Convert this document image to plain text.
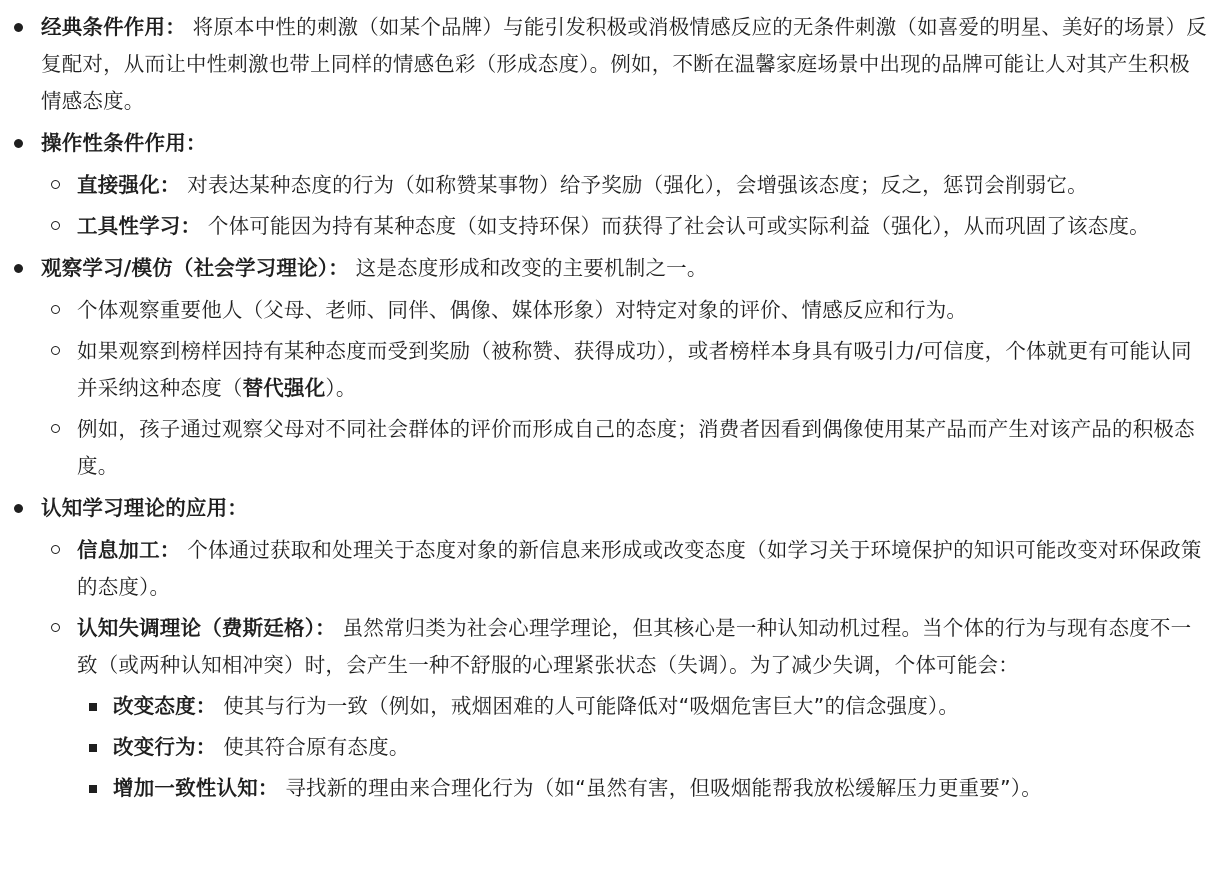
经典条件作用： 将原本中性的刺激（如某个品牌）与能引发积极或消极情感反应的无条件刺激（如喜爱的明星、美好的场景）反复配对，从而让中性刺激也带上同样的情感色彩（形成态度）。例如，不断在温馨家庭场景中出现的品牌可能让人对其产生积极情感态度。
操作性条件作用：
直接强化： 对表达某种态度的行为（如称赞某事物）给予奖励（强化），会增强该态度；反之，惩罚会削弱它。
工具性学习： 个体可能因为持有某种态度（如支持环保）而获得了社会认可或实际利益（强化），从而巩固了该态度。
观察学习/模仿（社会学习理论）： 这是态度形成和改变的主要机制之一。
个体观察重要他人（父母、老师、同伴、偶像、媒体形象）对特定对象的评价、情感反应和行为。
如果观察到榜样因持有某种态度而受到奖励（被称赞、获得成功），或者榜样本身具有吸引力/可信度，个体就更有可能认同并采纳这种态度（替代强化）。
例如，孩子通过观察父母对不同社会群体的评价而形成自己的态度；消费者因看到偶像使用某产品而产生对该产品的积极态度。
认知学习理论的应用：
信息加工： 个体通过获取和处理关于态度对象的新信息来形成或改变态度（如学习关于环境保护的知识可能改变对环保政策的态度）。
认知失调理论（费斯廷格）： 虽然常归类为社会心理学理论，但其核心是一种认知动机过程。当个体的行为与现有态度不一致（或两种认知相冲突）时，会产生一种不舒服的心理紧张状态（失调）。为了减少失调，个体可能会：
改变态度： 使其与行为一致（例如，戒烟困难的人可能降低对“吸烟危害巨大”的信念强度）。
改变行为： 使其符合原有态度。
增加一致性认知： 寻找新的理由来合理化行为（如“虽然有害，但吸烟能帮我放松缓解压力更重要”）。
